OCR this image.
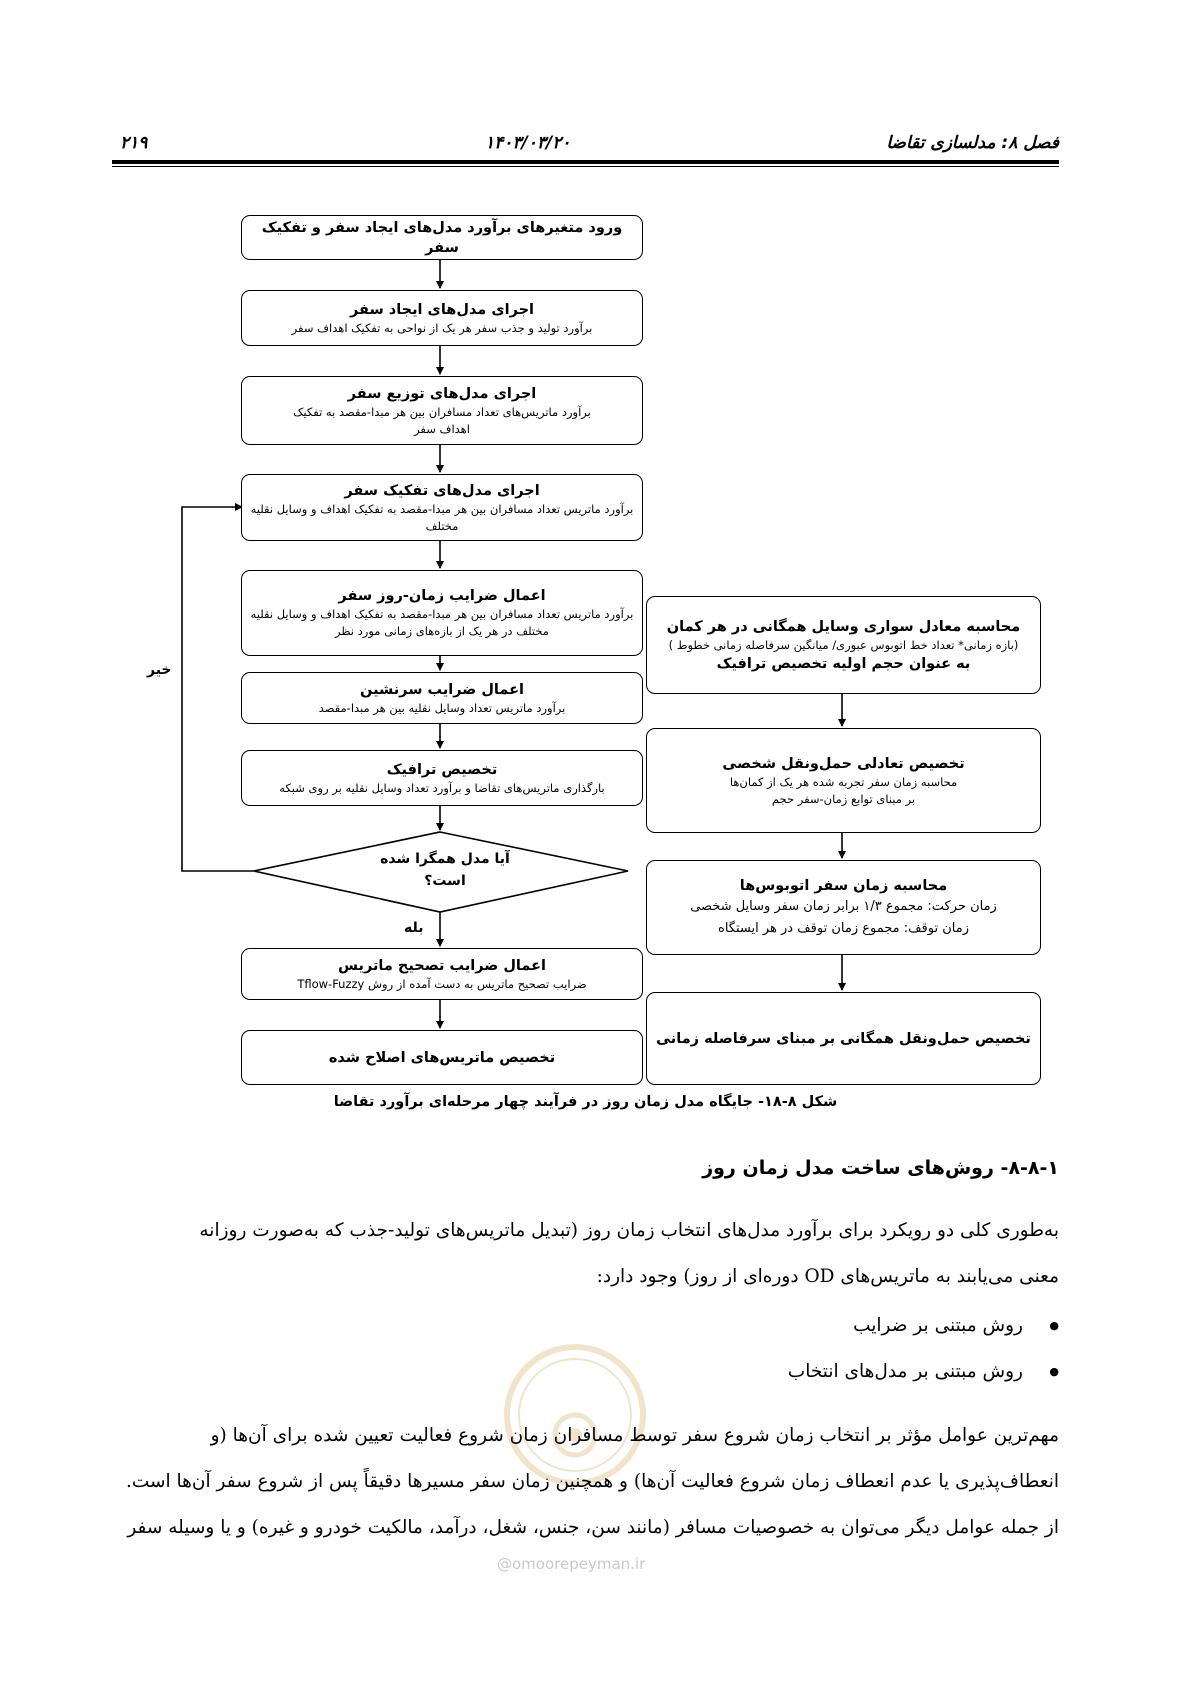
فصل ۸: مدلسازی تقاضا
۱۴۰۳/۰۳/۲۰
۲۱۹
ورود متغیرهای برآورد مدل‌های ایجاد سفر و تفکیک سفر
اجرای مدل‌های ایجاد سفر
برآورد تولید و جذب سفر هر یک از نواحی به تفکیک اهداف سفر
اجرای مدل‌های توزیع سفر
برآورد ماتریس‌های تعداد مسافران بین هر مبدا-مقصد به تفکیک اهداف سفر
اجرای مدل‌های تفکیک سفر
برآورد ماتریس تعداد مسافران بین هر مبدا-مقصد به تفکیک اهداف و وسایل نقلیه مختلف
اعمال ضرایب زمان-روز سفر
برآورد ماتریس تعداد مسافران بین هر مبدا-مقصد به تفکیک اهداف و وسایل نقلیه مختلف در هر یک از بازه‌های زمانی مورد نظر
اعمال ضرایب سرنشین
برآورد ماتریس تعداد وسایل نقلیه بین هر مبدا-مقصد
تخصیص ترافیک
بارگذاری ماتریس‌های تقاضا و برآورد تعداد وسایل نقلیه بر روی شبکه
آیا مدل همگرا شده
است؟
خیر
بله
اعمال ضرایب تصحیح ماتریس
ضرایب تصحیح ماتریس به دست آمده از روش Tflow-Fuzzy
تخصیص ماتریس‌های اصلاح شده
محاسبه معادل سواری وسایل همگانی در هر کمان
(بازه زمانی* تعداد خط اتوبوس عبوری/ میانگین سرفاصله زمانی خطوط )
به عنوان حجم اولیه تخصیص ترافیک
تخصیص تعادلی حمل‌ونقل شخصی
محاسبه زمان سفر تجربه شده هر یک از کمان‌ها
بر مبنای توابع زمان-سفر حجم
محاسبه زمان سفر اتوبوس‌ها
زمان حرکت: مجموع ۱/۳ برابر زمان سفر وسایل شخصی
زمان توقف: مجموع زمان توقف در هر ایستگاه
تخصیص حمل‌ونقل همگانی بر مبنای سرفاصله زمانی
شکل ۸-۱۸- جایگاه مدل زمان روز در فرآیند چهار مرحله‌ای برآورد تقاضا
۸-۸-۱- روش‌های ساخت مدل زمان روز
به‌طوری کلی دو رویکرد برای برآورد مدل‌های انتخاب زمان روز (تبدیل ماتریس‌های تولید-جذب که به‌صورت روزانه
معنی می‌یابند به ماتریس‌های OD دوره‌ای از روز) وجود دارد:
● روش مبتنی بر ضرایب
● روش مبتنی بر مدل‌های انتخاب
مهم‌ترین عوامل مؤثر بر انتخاب زمان شروع سفر توسط مسافران زمان شروع فعالیت تعیین شده برای آن‌ها (و
انعطاف‌پذیری یا عدم انعطاف زمان شروع فعالیت آن‌ها) و همچنین زمان سفر مسیرها دقیقاً پس از شروع سفر آن‌ها است.
از جمله عوامل دیگر می‌توان به خصوصیات مسافر (مانند سن، جنس، شغل، درآمد، مالکیت خودرو و غیره) و یا وسیله سفر
@omoorepeyman.ir
